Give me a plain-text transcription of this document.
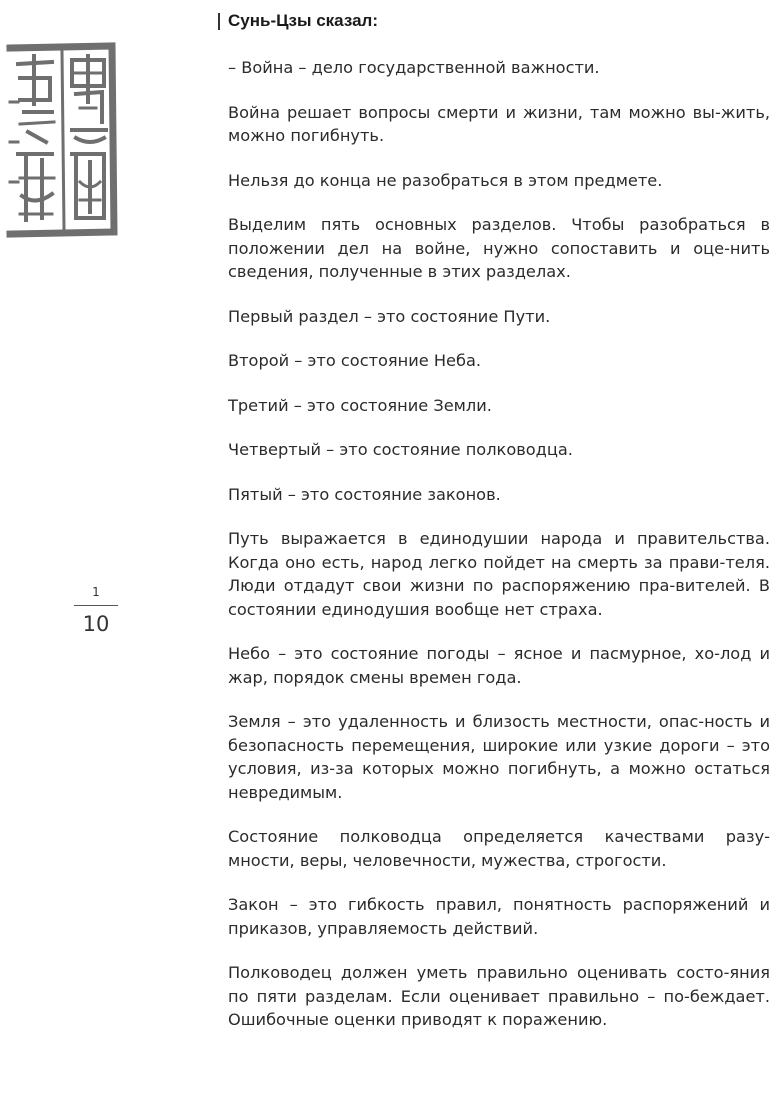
1
10
Сунь-Цзы сказал:

– Война – дело государственной важности.

Война решает вопросы смерти и жизни, там можно вы-жить, можно погибнуть.

Нельзя до конца не разобраться в этом предмете.

Выделим пять основных разделов. Чтобы разобраться в положении дел на войне, нужно сопоставить и оце-нить сведения, полученные в этих разделах.

Первый раздел – это состояние Пути.

Второй – это состояние Неба.

Третий – это состояние Земли.

Четвертый – это состояние полководца.

Пятый – это состояние законов.

Путь выражается в единодушии народа и правительства. Когда оно есть, народ легко пойдет на смерть за прави-теля. Люди отдадут свои жизни по распоряжению пра-вителей. В состоянии единодушия вообще нет страха.

Небо – это состояние погоды – ясное и пасмурное, хо-лод и жар, порядок смены времен года.

Земля – это удаленность и близость местности, опас-ность и безопасность перемещения, широкие или узкие дороги – это условия, из-за которых можно погибнуть, а можно остаться невредимым.

Состояние полководца определяется качествами разу-мности, веры, человечности, мужества, строгости.

Закон – это гибкость правил, понятность распоряжений и приказов, управляемость действий.

Полководец должен уметь правильно оценивать состо-яния по пяти разделам. Если оценивает правильно – по-беждает. Ошибочные оценки приводят к поражению.
